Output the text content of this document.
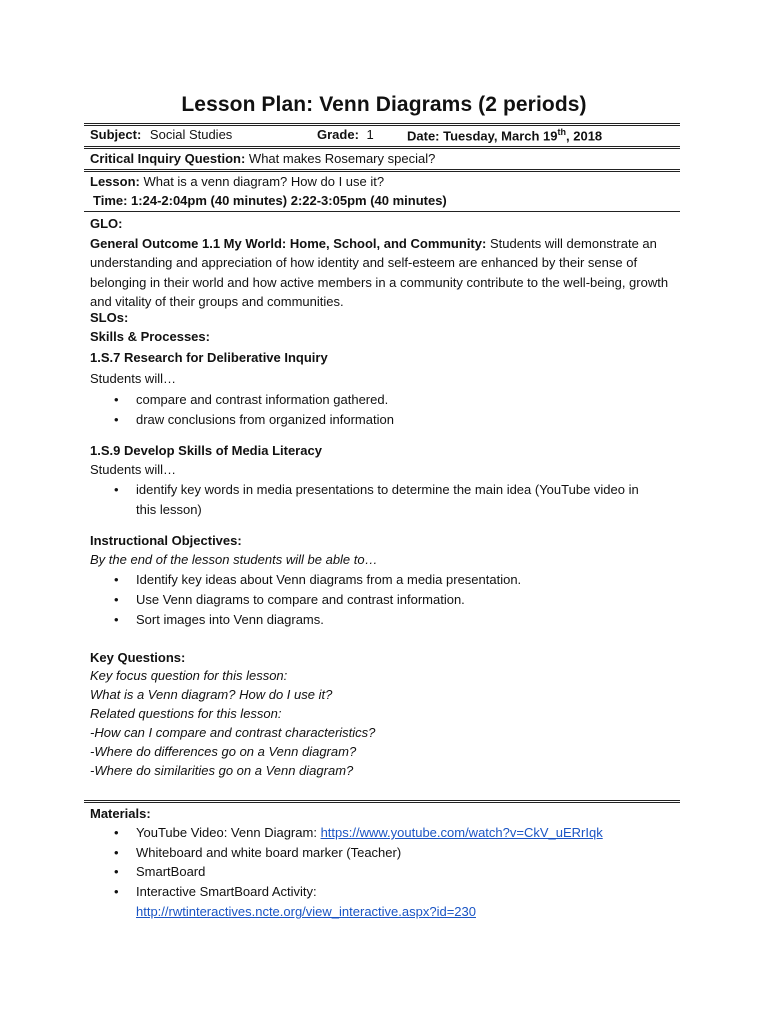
Lesson Plan: Venn Diagrams (2 periods)
Subject: Social Studies	Grade: 1	Date: Tuesday, March 19th, 2018
Critical Inquiry Question: What makes Rosemary special?
Lesson: What is a venn diagram? How do I use it?
Time: 1:24-2:04pm (40 minutes) 2:22-3:05pm (40 minutes)
GLO:
General Outcome 1.1 My World: Home, School, and Community: Students will demonstrate an understanding and appreciation of how identity and self-esteem are enhanced by their sense of belonging in their world and how active members in a community contribute to the well-being, growth and vitality of their groups and communities.
SLOs:
Skills & Processes:
1.S.7 Research for Deliberative Inquiry
Students will…
• compare and contrast information gathered.
• draw conclusions from organized information
1.S.9 Develop Skills of Media Literacy
Students will…
• identify key words in media presentations to determine the main idea (YouTube video in
this lesson)
Instructional Objectives:
By the end of the lesson students will be able to…
• Identify key ideas about Venn diagrams from a media presentation.
• Use Venn diagrams to compare and contrast information.
• Sort images into Venn diagrams.
Key Questions:
Key focus question for this lesson:
What is a Venn diagram? How do I use it?
Related questions for this lesson:
-How can I compare and contrast characteristics?
-Where do differences go on a Venn diagram?
-Where do similarities go on a Venn diagram?
Materials:
• YouTube Video: Venn Diagram: https://www.youtube.com/watch?v=CkV_uERrIqk
• Whiteboard and white board marker (Teacher)
• SmartBoard
• Interactive SmartBoard Activity:
http://rwtinteractives.ncte.org/view_interactive.aspx?id=230
